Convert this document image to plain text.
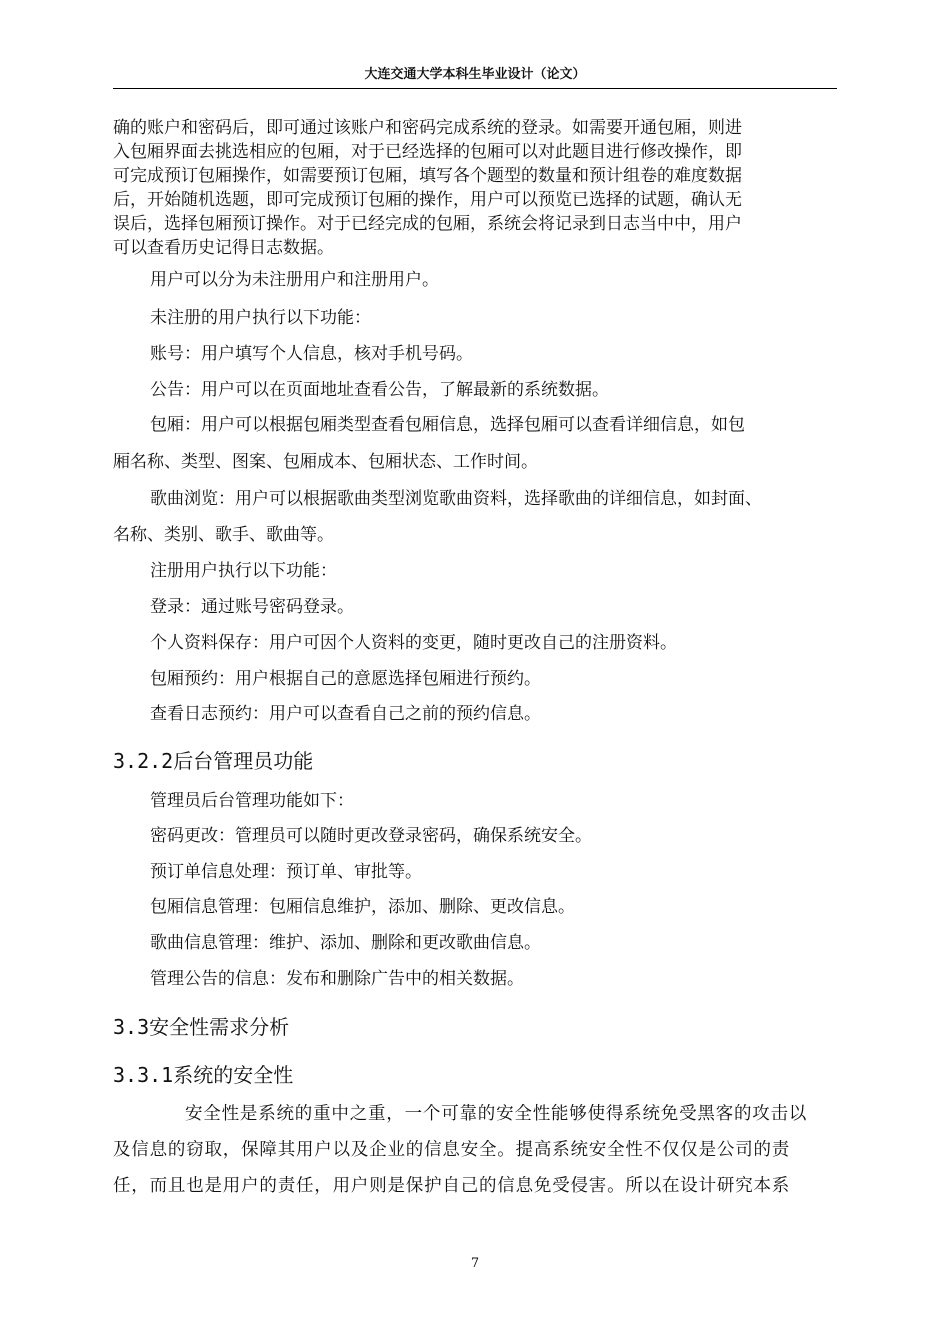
大连交通大学本科生毕业设计（论文）
确的账户和密码后，即可通过该账户和密码完成系统的登录。如需要开通包厢，则进
入包厢界面去挑选相应的包厢，对于已经选择的包厢可以对此题目进行修改操作，即
可完成预订包厢操作，如需要预订包厢，填写各个题型的数量和预计组卷的难度数据
后，开始随机选题，即可完成预订包厢的操作，用户可以预览已选择的试题，确认无
误后，选择包厢预订操作。对于已经完成的包厢，系统会将记录到日志当中中，用户
可以查看历史记得日志数据。
用户可以分为未注册用户和注册用户。
未注册的用户执行以下功能：
账号：用户填写个人信息，核对手机号码。
公告：用户可以在页面地址查看公告，了解最新的系统数据。
包厢：用户可以根据包厢类型查看包厢信息，选择包厢可以查看详细信息，如包
厢名称、类型、图案、包厢成本、包厢状态、工作时间。
歌曲浏览：用户可以根据歌曲类型浏览歌曲资料，选择歌曲的详细信息，如封面、
名称、类别、歌手、歌曲等。
注册用户执行以下功能：
登录：通过账号密码登录。
个人资料保存：用户可因个人资料的变更，随时更改自己的注册资料。
包厢预约：用户根据自己的意愿选择包厢进行预约。
查看日志预约：用户可以查看自己之前的预约信息。
3.2.2后台管理员功能
管理员后台管理功能如下：
密码更改：管理员可以随时更改登录密码，确保系统安全。
预订单信息处理：预订单、审批等。
包厢信息管理：包厢信息维护，添加、删除、更改信息。
歌曲信息管理：维护、添加、删除和更改歌曲信息。
管理公告的信息：发布和删除广告中的相关数据。
3.3安全性需求分析
3.3.1系统的安全性
安全性是系统的重中之重，一个可靠的安全性能够使得系统免受黑客的攻击以
及信息的窃取，保障其用户以及企业的信息安全。提高系统安全性不仅仅是公司的责
任，而且也是用户的责任，用户则是保护自己的信息免受侵害。所以在设计研究本系
7
